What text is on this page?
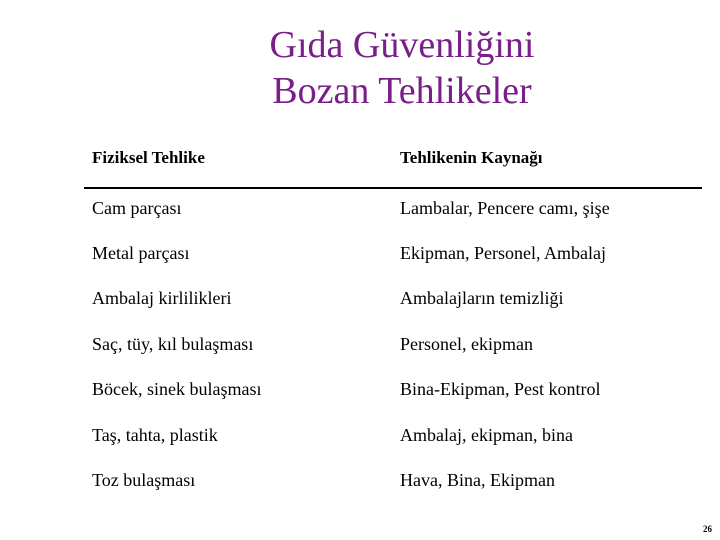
Gıda Güvenliğini
Bozan Tehlikeler
Fiziksel Tehlike	Tehlikenin Kaynağı
Cam parçası	Lambalar, Pencere camı, şişe
Metal parçası	Ekipman, Personel, Ambalaj
Ambalaj kirlilikleri	Ambalajların temizliği
Saç, tüy, kıl bulaşması	Personel, ekipman
Böcek, sinek bulaşması	Bina-Ekipman, Pest kontrol
Taş, tahta, plastik	Ambalaj, ekipman, bina
Toz bulaşması	Hava, Bina, Ekipman
26
